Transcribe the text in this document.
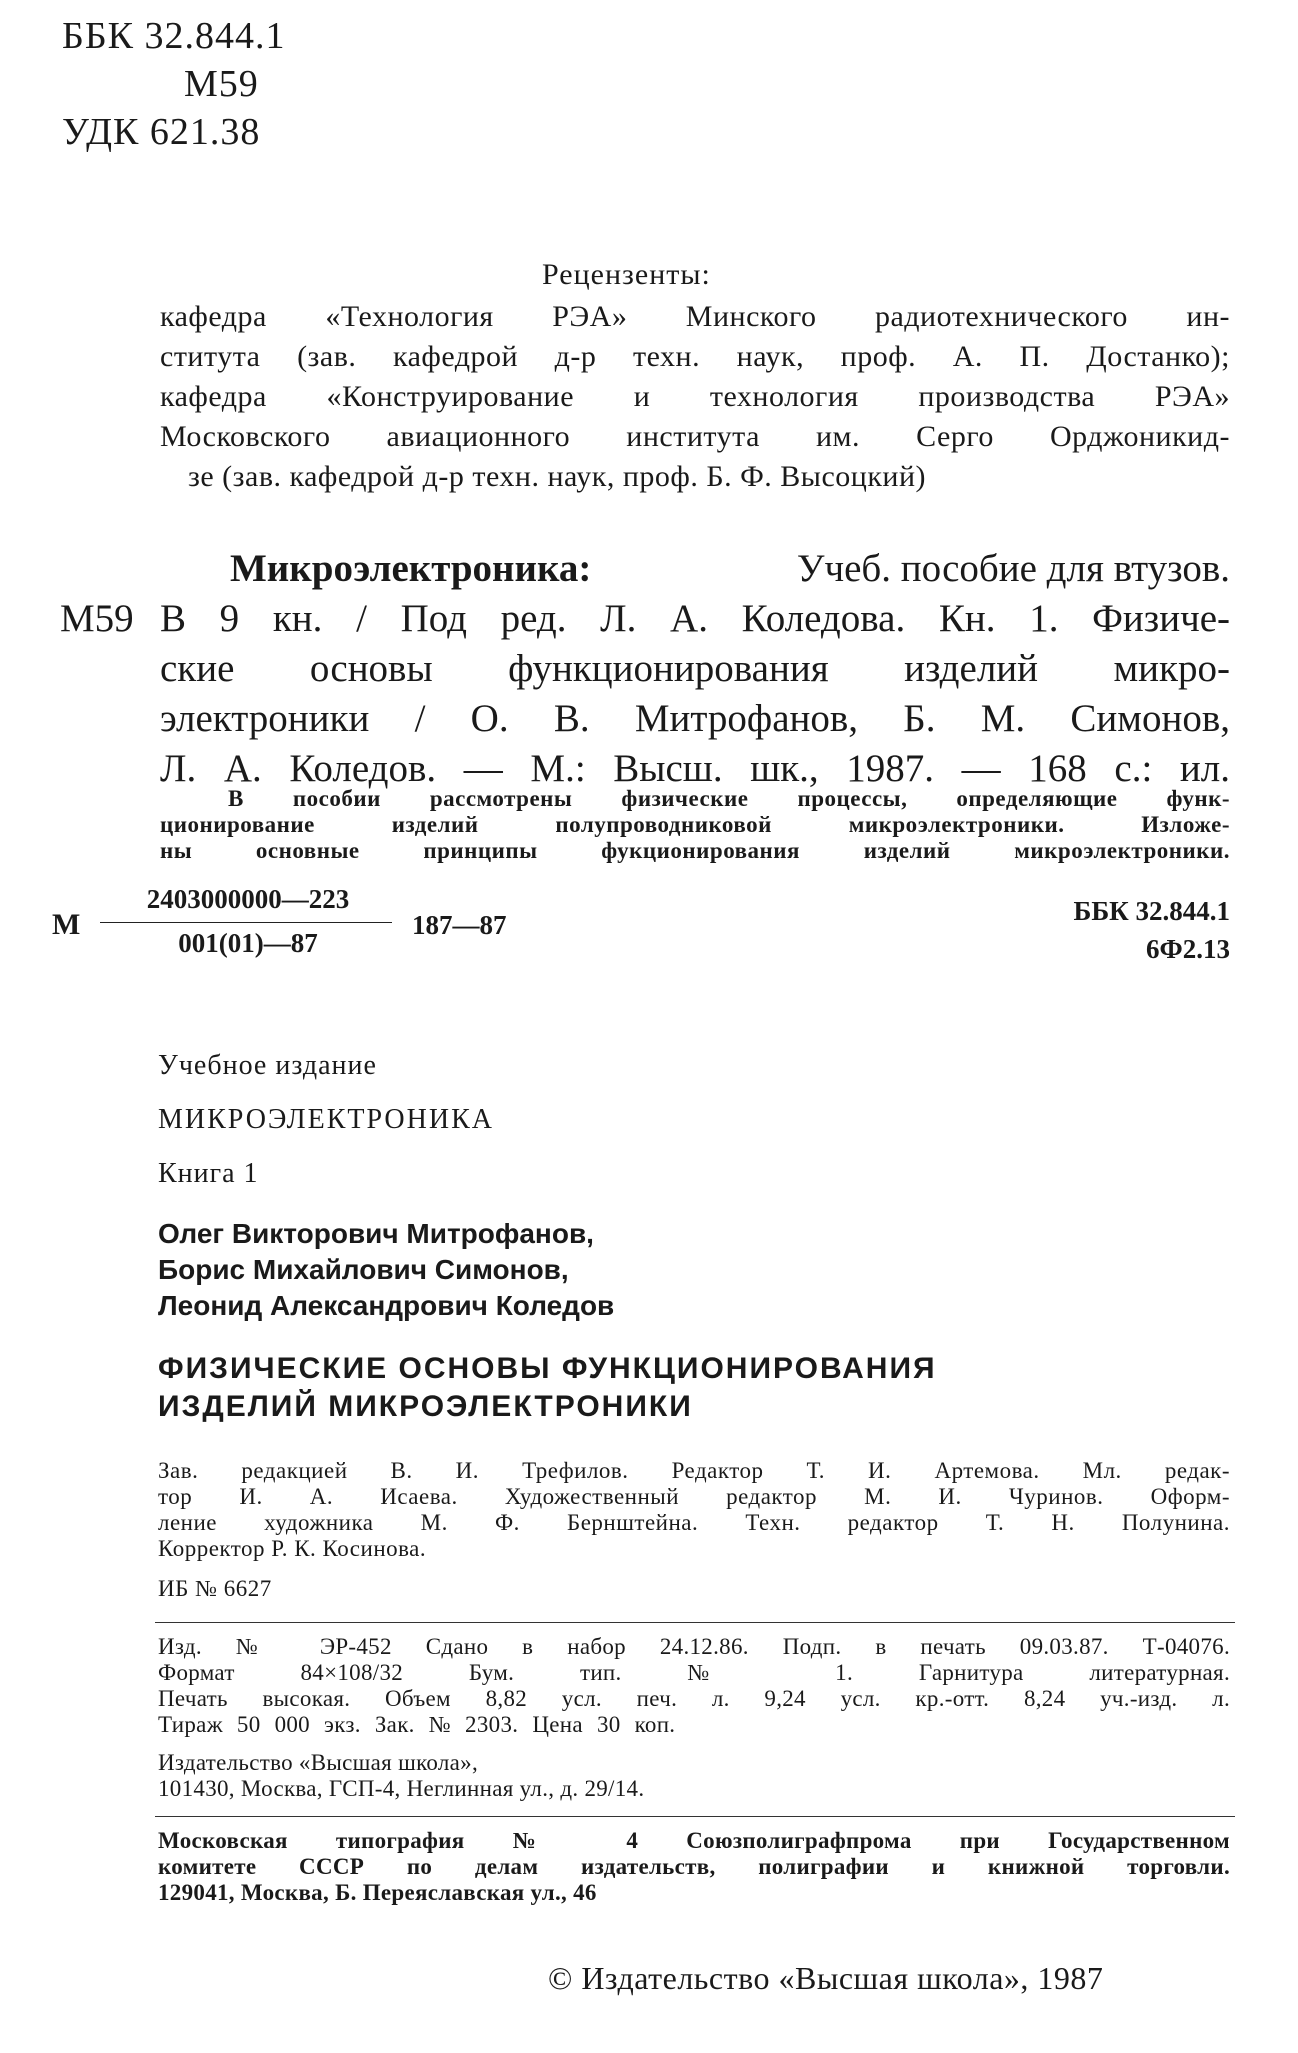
ББК 32.844.1
М59
УДК 621.38
Рецензенты:
кафедра «Технология РЭА» Минского радиотехнического ин-
ститута (зав. кафедрой д-р техн. наук, проф. А. П. Достанко);
кафедра «Конструирование и технология производства РЭА»
Московского авиационного института им. Серго Орджоникид-
зе (зав. кафедрой д-р техн. наук, проф. Б. Ф. Высоцкий)
Микроэлектроника:	Учеб. пособие для втузов.
М59 В 9 кн. / Под ред. Л. А. Коледова. Кн. 1. Физиче-
ские основы функционирования изделий микро-
электроники / О. В. Митрофанов, Б. М. Симонов,
Л. А. Коледов. — М.: Высш. шк., 1987. — 168 с.: ил.
В пособии рассмотрены физические процессы, определяющие функ-
ционирование изделий полупроводниковой микроэлектроники. Изложе-
ны основные принципы фукционирования изделий микроэлектроники.
М
2403000000—223
001(01)—87
187—87	ББК 32.844.1
6Ф2.13
Учебное издание
МИКРОЭЛЕКТРОНИКА
Книга 1
Олег Викторович Митрофанов,
Борис Михайлович Симонов,
Леонид Александрович Коледов
ФИЗИЧЕСКИЕ ОСНОВЫ ФУНКЦИОНИРОВАНИЯ
ИЗДЕЛИЙ МИКРОЭЛЕКТРОНИКИ
Зав. редакцией В. И. Трефилов. Редактор Т. И. Артемова. Мл. редак-
тор И. А. Исаева. Художественный редактор М. И. Чуринов. Оформ-
ление художника М. Ф. Бернштейна. Техн. редактор Т. Н. Полунина.
Корректор Р. К. Косинова.
ИБ № 6627
Изд. № ЭР-452 Сдано в набор 24.12.86. Подп. в печать 09.03.87. Т-04076.
Формат 84×108/32 Бум. тип. № 1. Гарнитура литературная.
Печать высокая. Объем 8,82 усл. печ. л. 9,24 усл. кр.-отт. 8,24 уч.-изд. л.
Тираж 50 000 экз. Зак. № 2303. Цена 30 коп.
Издательство «Высшая школа»,
101430, Москва, ГСП-4, Неглинная ул., д. 29/14.
Московская типография № 4 Союзполиграфпрома при Государственном
комитете СССР по делам издательств, полиграфии и книжной торговли.
129041, Москва, Б. Переяславская ул., 46
© Издательство «Высшая школа», 1987
